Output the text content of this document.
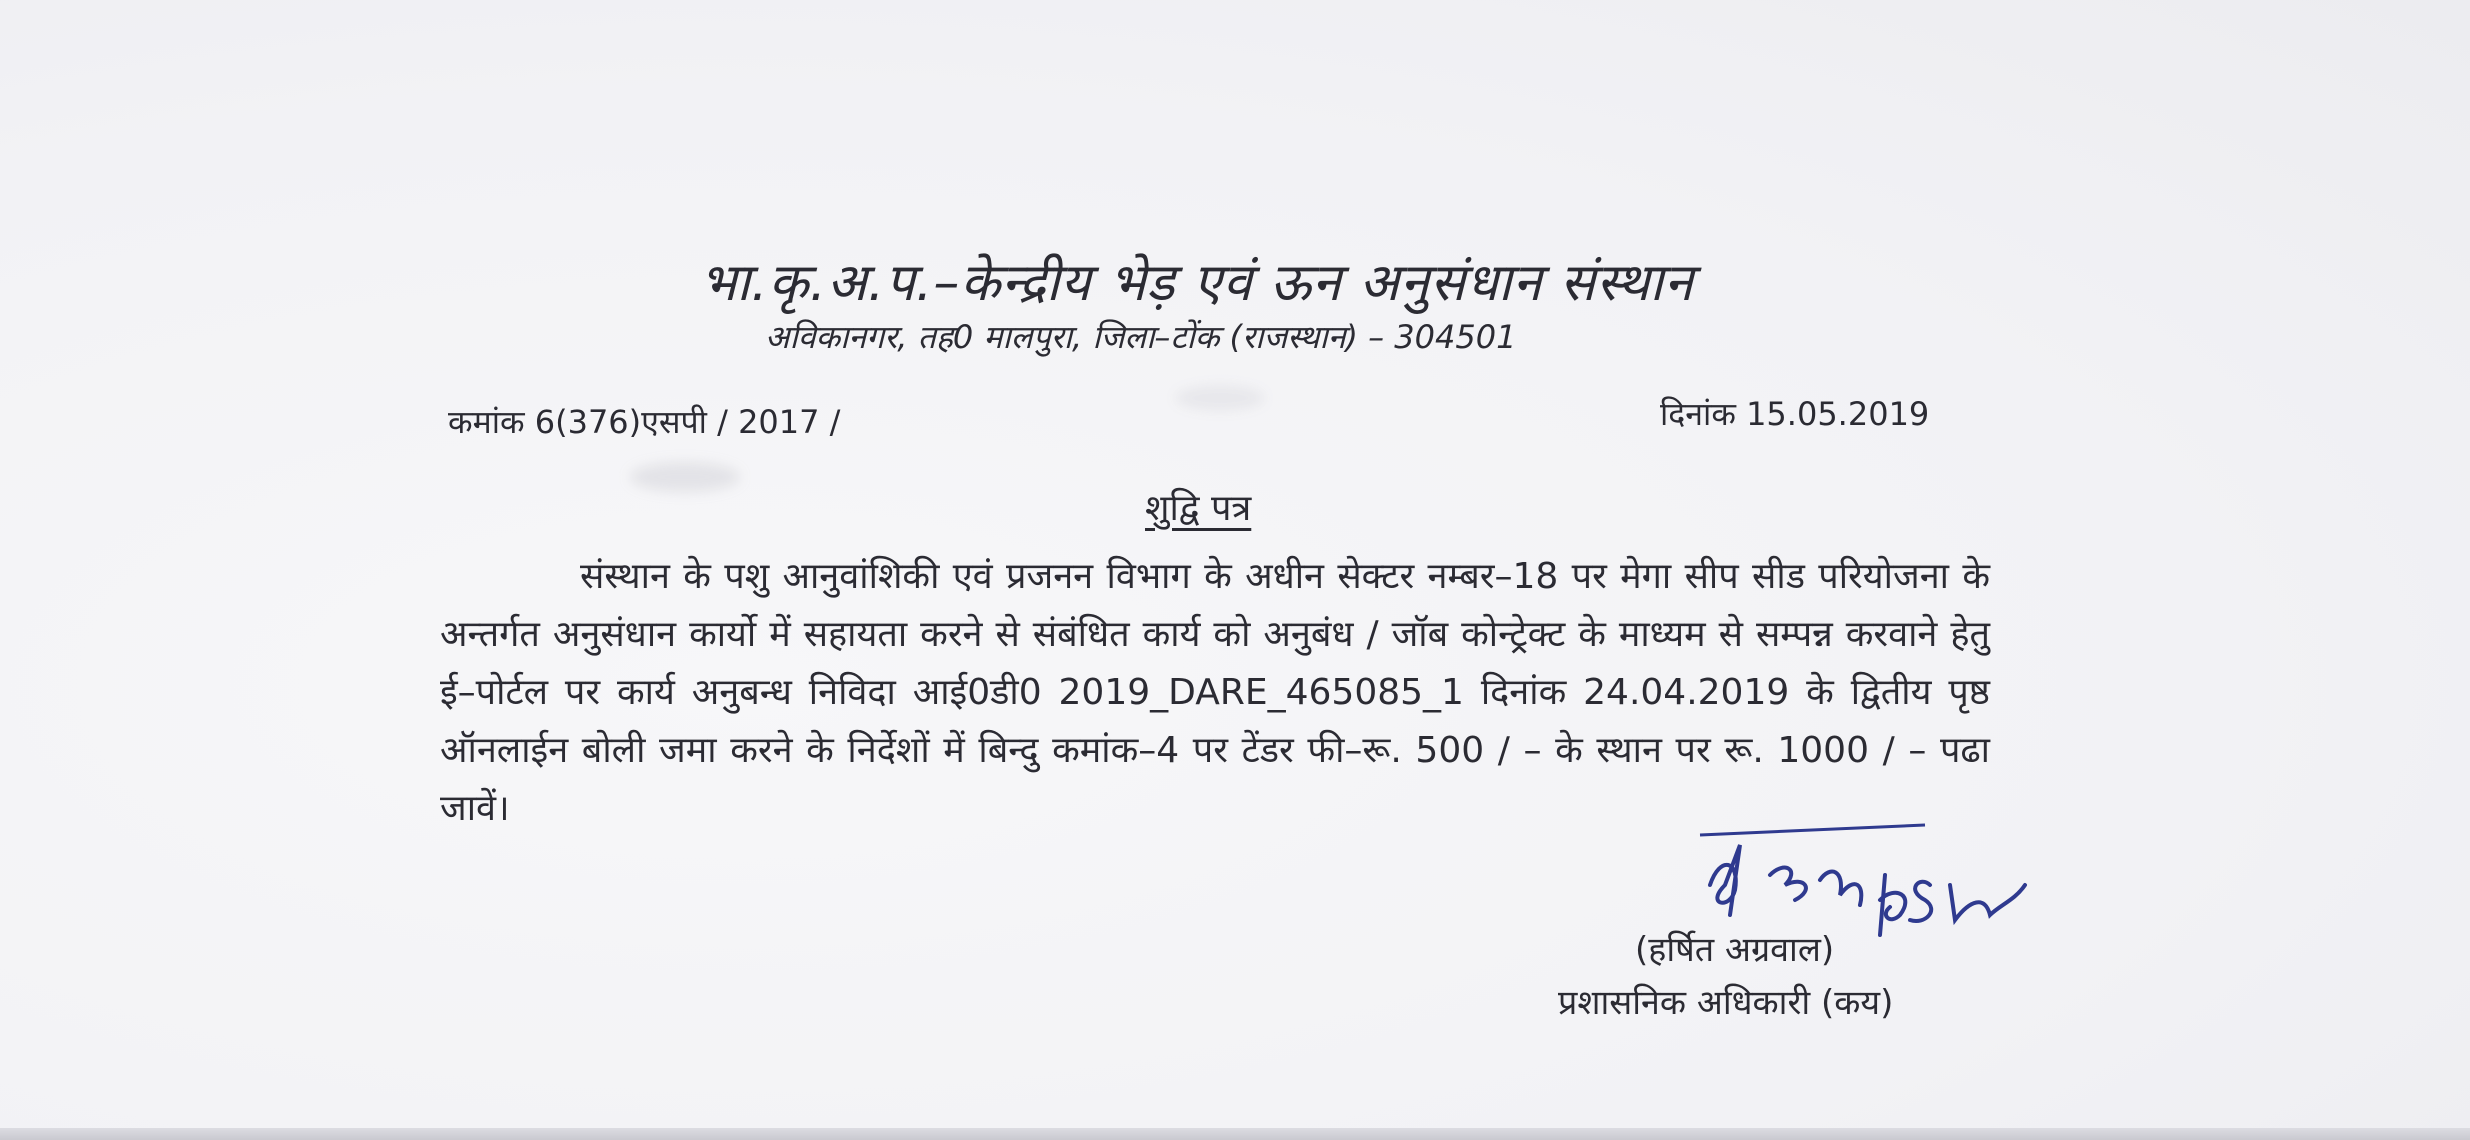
भा.कृ.अ.प.–केन्द्रीय भेड़ एवं ऊन अनुसंधान संस्थान
अविकानगर, तह0 मालपुरा, जिला–टोंक (राजस्थान) – 304501
कमांक 6(376)एसपी / 2017 /	दिनांक 15.05.2019
शुद्वि पत्र

संस्थान के पशु आनुवांशिकी एवं प्रजनन विभाग के अधीन सेक्टर नम्बर–18 पर मेगा सीप सीड परियोजना के अन्तर्गत अनुसंधान कार्यो में सहायता करने से संबंधित कार्य को अनुबंध / जॉब कोन्ट्रेक्ट के माध्यम से सम्पन्न करवाने हेतु ई–पोर्टल पर कार्य अनुबन्ध निविदा आई0डी0 2019_DARE_465085_1 दिनांक 24.04.2019 के द्वितीय पृष्ठ ऑनलाईन बोली जमा करने के निर्देशों में बिन्दु कमांक–4 पर टेंडर फी–रू. 500 / – के स्थान पर रू. 1000 / – पढा जावें।

(हर्षित अग्रवाल)
प्रशासनिक अधिकारी (कय)
